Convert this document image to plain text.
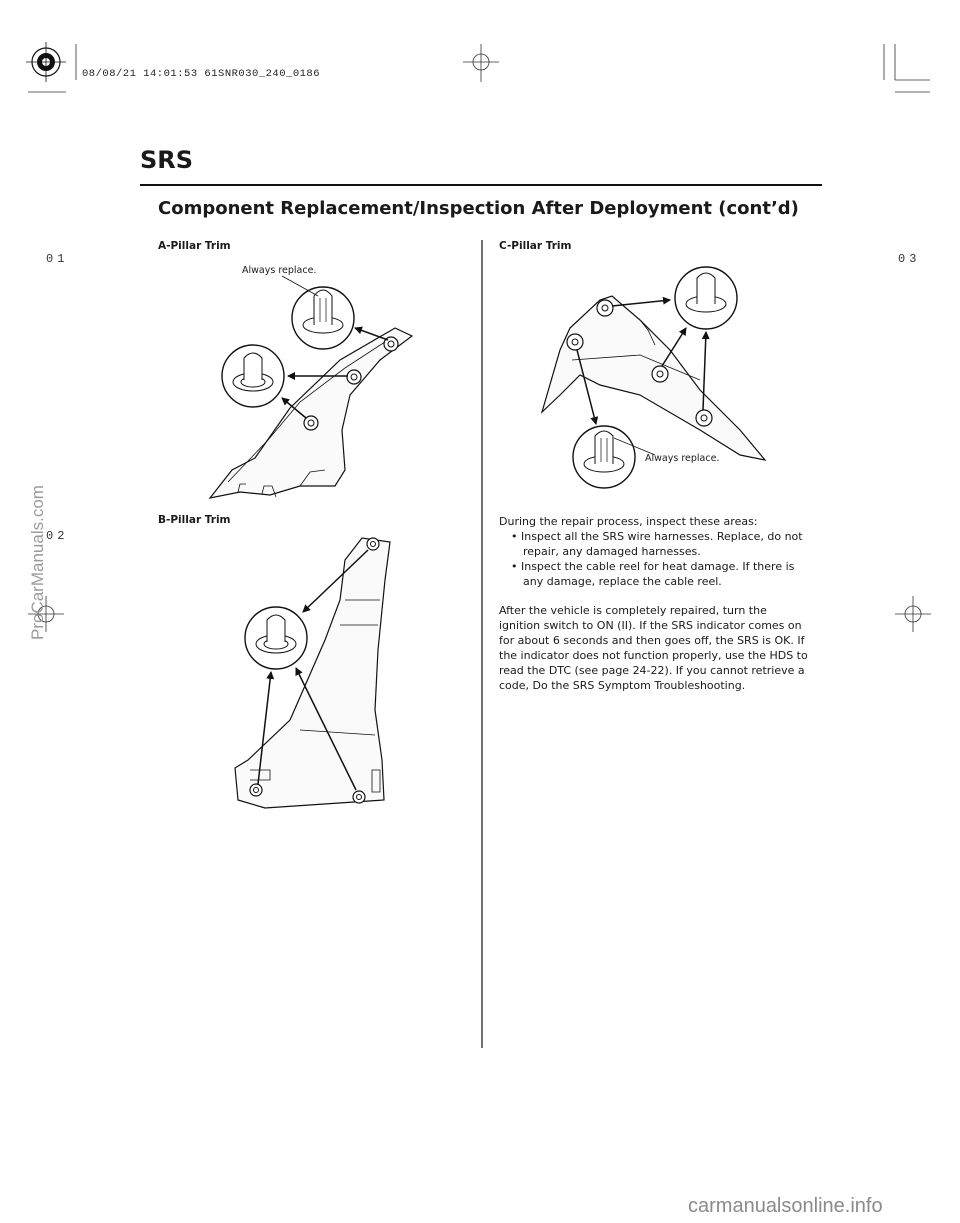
08/08/21 14:01:53 61SNR030_240_0186
SRS
Component Replacement/Inspection After Deployment (cont’d)
01
02
03
A-Pillar Trim
B-Pillar Trim
C-Pillar Trim
Always replace.
Always replace.

During the repair process, inspect these areas:

• Inspect all the SRS wire harnesses. Replace, do not repair, any damaged harnesses.

• Inspect the cable reel for heat damage. If there is any damage, replace the cable reel.

After the vehicle is completely repaired, turn the ignition switch to ON (II). If the SRS indicator comes on for about 6 seconds and then goes off, the SRS is OK. If the indicator does not function properly, use the HDS to read the DTC (see page 24-22). If you cannot retrieve a code, Do the SRS Symptom Troubleshooting.

ProCarManuals.com
carmanualsonline.info
